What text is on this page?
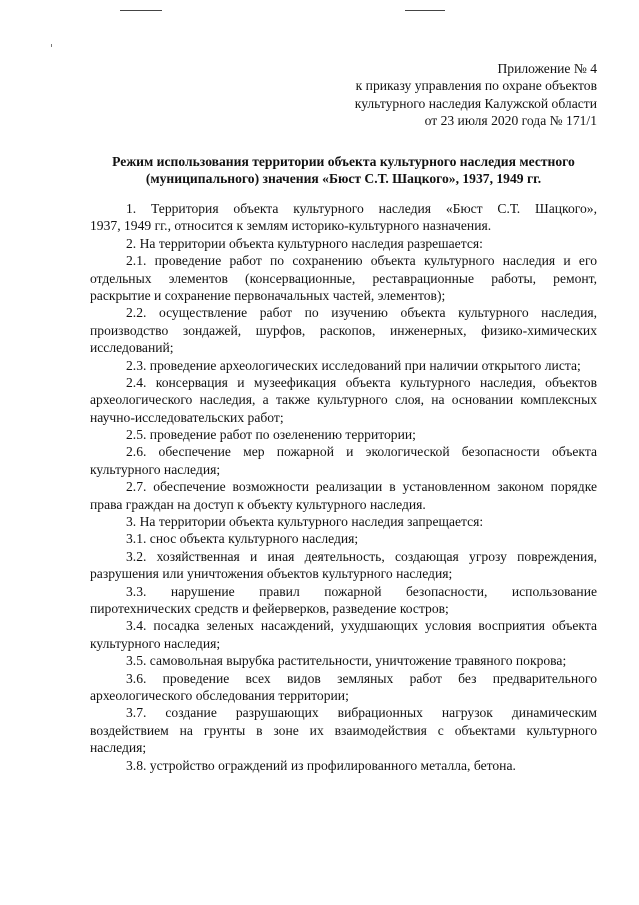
Приложение № 4
к приказу управления по охране объектов
культурного наследия Калужской области
от 23 июля 2020 года № 171/1
Режим использования территории объекта культурного наследия местного
(муниципального) значения «Бюст С.Т. Шацкого», 1937, 1949 гг.
1. Территория объекта культурного наследия «Бюст С.Т. Шацкого»,
1937, 1949 гг., относится к землям историко-культурного назначения.
2. На территории объекта культурного наследия разрешается:
2.1. проведение работ по сохранению объекта культурного наследия и его
отдельных элементов (консервационные, реставрационные работы, ремонт,
раскрытие и сохранение первоначальных частей, элементов);
2.2. осуществление работ по изучению объекта культурного наследия,
производство зондажей, шурфов, раскопов, инженерных, физико-химических
исследований;
2.3. проведение археологических исследований при наличии открытого листа;
2.4. консервация и музеефикация объекта культурного наследия, объектов
археологического наследия, а также культурного слоя, на основании комплексных
научно-исследовательских работ;
2.5. проведение работ по озеленению территории;
2.6. обеспечение мер пожарной и экологической безопасности объекта
культурного наследия;
2.7. обеспечение возможности реализации в установленном законом порядке
права граждан на доступ к объекту культурного наследия.
3. На территории объекта культурного наследия запрещается:
3.1. снос объекта культурного наследия;
3.2. хозяйственная и иная деятельность, создающая угрозу повреждения,
разрушения или уничтожения объектов культурного наследия;
3.3. нарушение правил пожарной безопасности, использование
пиротехнических средств и фейерверков, разведение костров;
3.4. посадка зеленых насаждений, ухудшающих условия восприятия объекта
культурного наследия;
3.5. самовольная вырубка растительности, уничтожение травяного покрова;
3.6. проведение всех видов земляных работ без предварительного
археологического обследования территории;
3.7. создание разрушающих вибрационных нагрузок динамическим
воздействием на грунты в зоне их взаимодействия с объектами культурного
наследия;
3.8. устройство ограждений из профилированного металла, бетона.
